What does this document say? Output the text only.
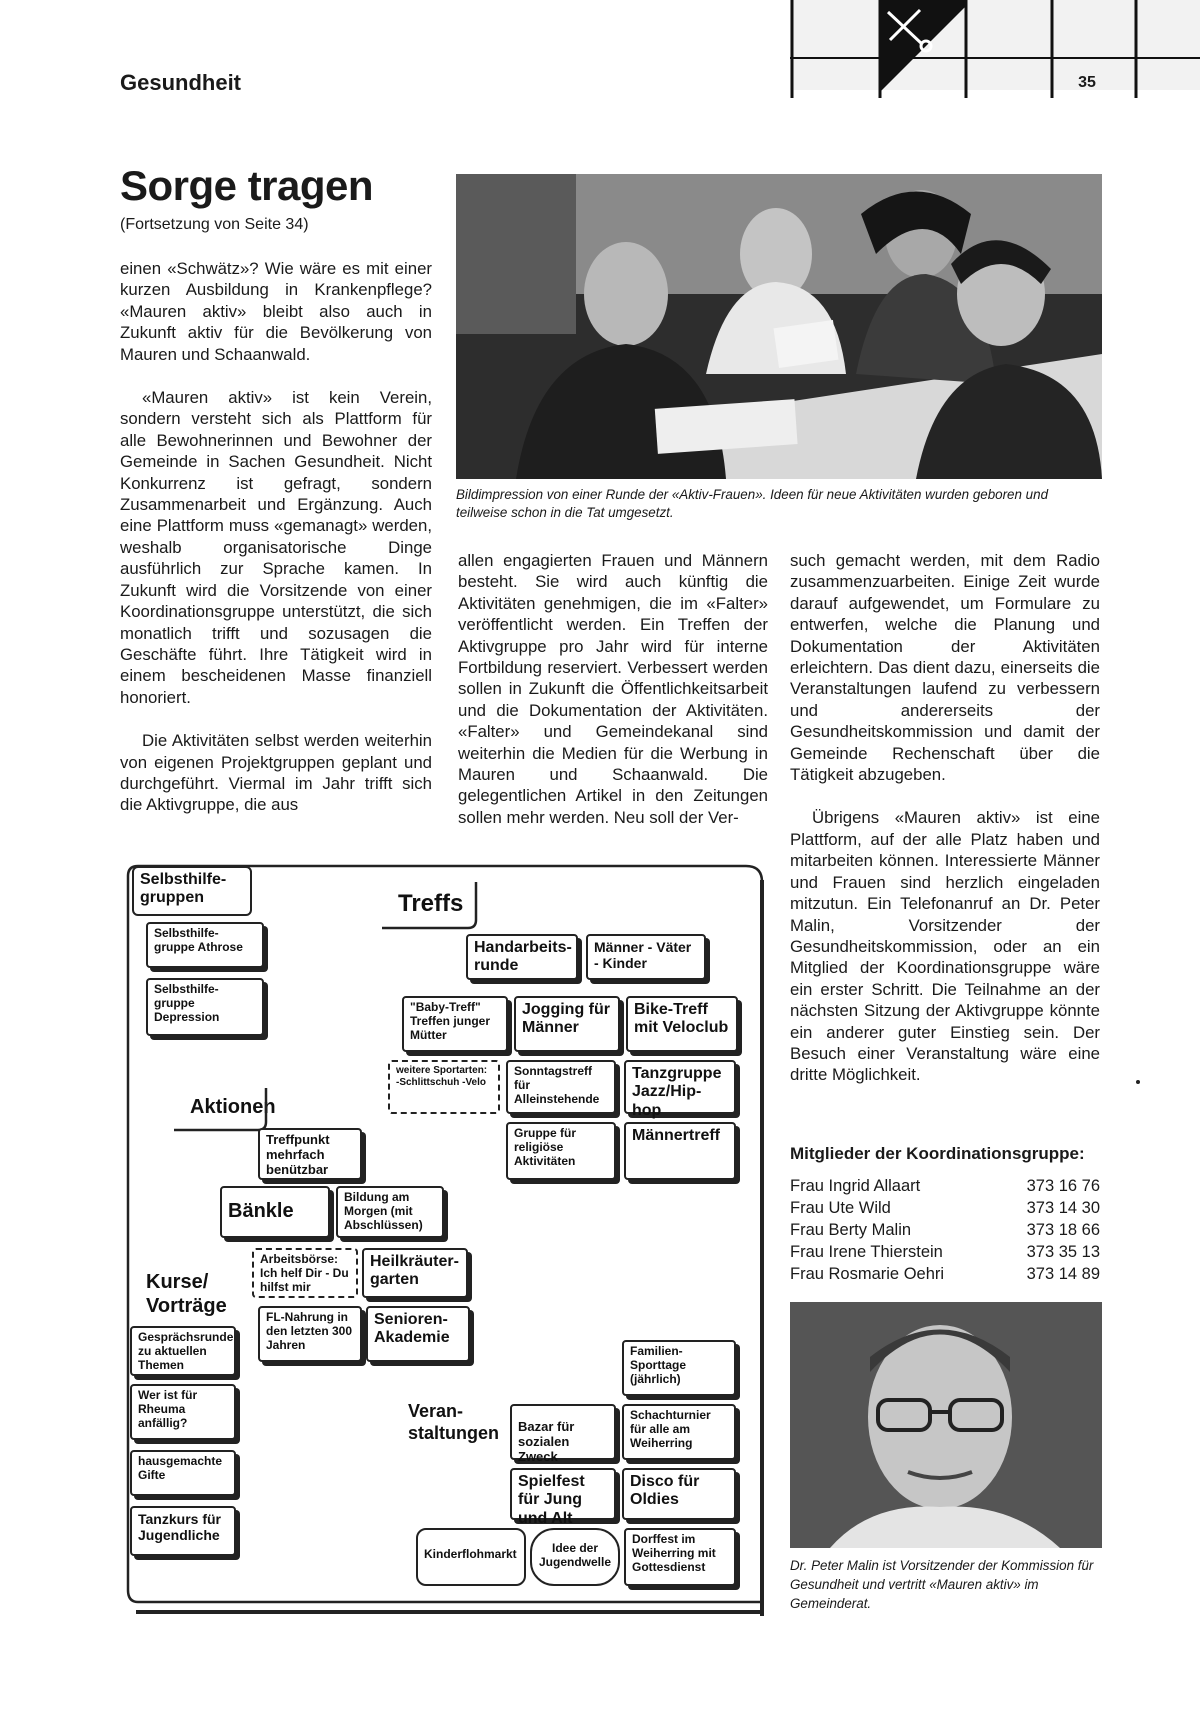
Gesundheit	35
Sorge tragen
(Fortsetzung von Seite 34)

einen «Schwätz»? Wie wäre es mit einer kurzen Ausbildung in Krankenpflege? «Mauren aktiv» bleibt also auch in Zukunft aktiv für die Bevölkerung von Mauren und Schaanwald.

«Mauren aktiv» ist kein Verein, sondern versteht sich als Plattform für alle Bewohnerinnen und Bewohner der Gemeinde in Sachen Gesundheit. Nicht Konkurrenz ist gefragt, sondern Zusammenarbeit und Ergänzung. Auch eine Plattform muss «gemanagt» werden, weshalb organisatorische Dinge ausführlich zur Sprache kamen. In Zukunft wird die Vorsitzende von einer Koordinationsgruppe unterstützt, die sich monatlich trifft und sozusagen die Geschäfte führt. Ihre Tätigkeit wird in einem bescheidenen Masse finanziell honoriert.

Die Aktivitäten selbst werden weiterhin von eigenen Projektgruppen geplant und durchgeführt. Viermal im Jahr trifft sich die Aktivgruppe, die aus

Bildimpression von einer Runde der «Aktiv-Frauen». Ideen für neue Aktivitäten wurden geboren und teilweise schon in die Tat umgesetzt.

allen engagierten Frauen und Männern besteht. Sie wird auch künftig die Aktivitäten genehmigen, die im «Falter» veröffentlicht werden. Ein Treffen der Aktivgruppe pro Jahr wird für interne Fortbildung reserviert. Verbessert werden sollen in Zukunft die Öffentlichkeitsarbeit und die Dokumentation der Aktivitäten. «Falter» und Gemeindekanal sind weiterhin die Medien für die Werbung in Mauren und Schaanwald. Die gelegentlichen Artikel in den Zeitungen sollen mehr werden. Neu soll der Ver-

such gemacht werden, mit dem Radio zusammenzuarbeiten. Einige Zeit wurde darauf aufgewendet, um Formulare zu entwerfen, welche die Planung und Dokumentation der Aktivitäten erleichtern. Das dient dazu, einerseits die Veranstaltungen laufend zu verbessern und andererseits der Gesundheitskommission und damit der Gemeinde Rechenschaft über die Tätigkeit abzugeben.

Übrigens «Mauren aktiv» ist eine Plattform, auf der alle Platz haben und mitarbeiten können. Interessierte Männer und Frauen sind herzlich eingeladen mitzutun. Ein Telefonanruf an Dr. Peter Malin, Vorsitzender der Gesundheitskommission, oder an ein Mitglied der Koordinationsgruppe wäre ein erster Schritt. Die Teilnahme an der nächsten Sitzung der Aktivgruppe könnte ein anderer guter Einstieg sein. Der Besuch einer Veranstaltung wäre eine dritte Möglichkeit.

Mitglieder der Koordinationsgruppe:
Frau Ingrid Allaart	373 16 76
Frau Ute Wild	373 14 30
Frau Berty Malin	373 18 66
Frau Irene Thierstein	373 35 13
Frau Rosmarie Oehri	373 14 89
Dr. Peter Malin ist Vorsitzender der Kommission für Gesundheit und vertritt «Mauren aktiv» im Gemeinderat.
Selbsthilfe-gruppen
Selbsthilfe-gruppe Athrose
Selbsthilfe-gruppe Depression
Treffs
Handarbeits-runde
Männer - Väter - Kinder
"Baby-Treff" Treffen junger Mütter
Jogging für Männer
Bike-Treff mit Veloclub
weitere Sportarten: -Schlittschuh -Velo
Sonntagstreff für Alleinstehende
Tanzgruppe Jazz/Hip-hop
Gruppe für religiöse Aktivitäten
Männertreff
Aktionen
Treffpunkt mehrfach benützbar
Bänkle
Bildung am Morgen (mit Abschlüssen)
Arbeitsbörse: Ich helf Dir - Du hilfst mir
Heilkräuter-garten
FL-Nahrung in den letzten 300 Jahren
Senioren-Akademie
Kurse/ Vorträge
Gesprächsrunde zu aktuellen Themen
Wer ist für Rheuma anfällig?
hausgemachte Gifte
Tanzkurs für Jugendliche
Veran-staltungen
Familien-Sporttage (jährlich)
Bazar für sozialen Zweck
Schachturnier für alle am Weiherring
Spielfest für Jung und Alt
Disco für Oldies
Kinderflohmarkt	Idee der Jugendwelle
Dorffest im Weiherring mit Gottesdienst
